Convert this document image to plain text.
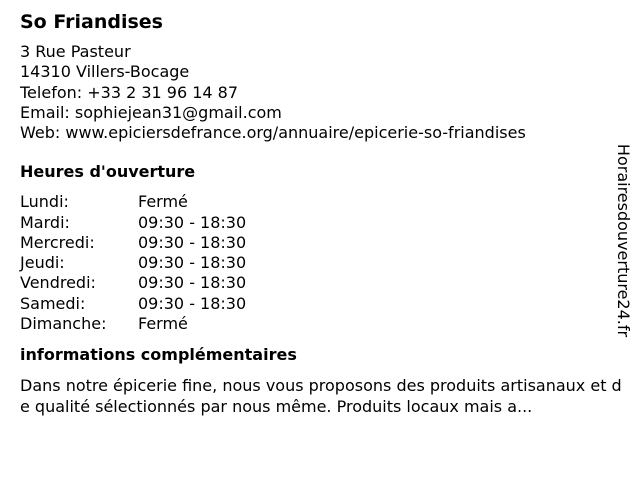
So Friandises
3 Rue Pasteur
14310 Villers-Bocage
Telefon: +33 2 31 96 14 87
Email: sophiejean31@gmail.com
Web: www.epiciersdefrance.org/annuaire/epicerie-so-friandises
Heures d'ouverture
Lundi:	Fermé
Mardi:	09:30 - 18:30
Mercredi:	09:30 - 18:30
Jeudi:	09:30 - 18:30
Vendredi:	09:30 - 18:30
Samedi:	09:30 - 18:30
Dimanche:	Fermé
informations complémentaires
Dans notre épicerie fine, nous vous proposons des produits artisanaux et de qualité sélectionnés par nous même. Produits locaux mais a...
Horairesdouverture24.fr
